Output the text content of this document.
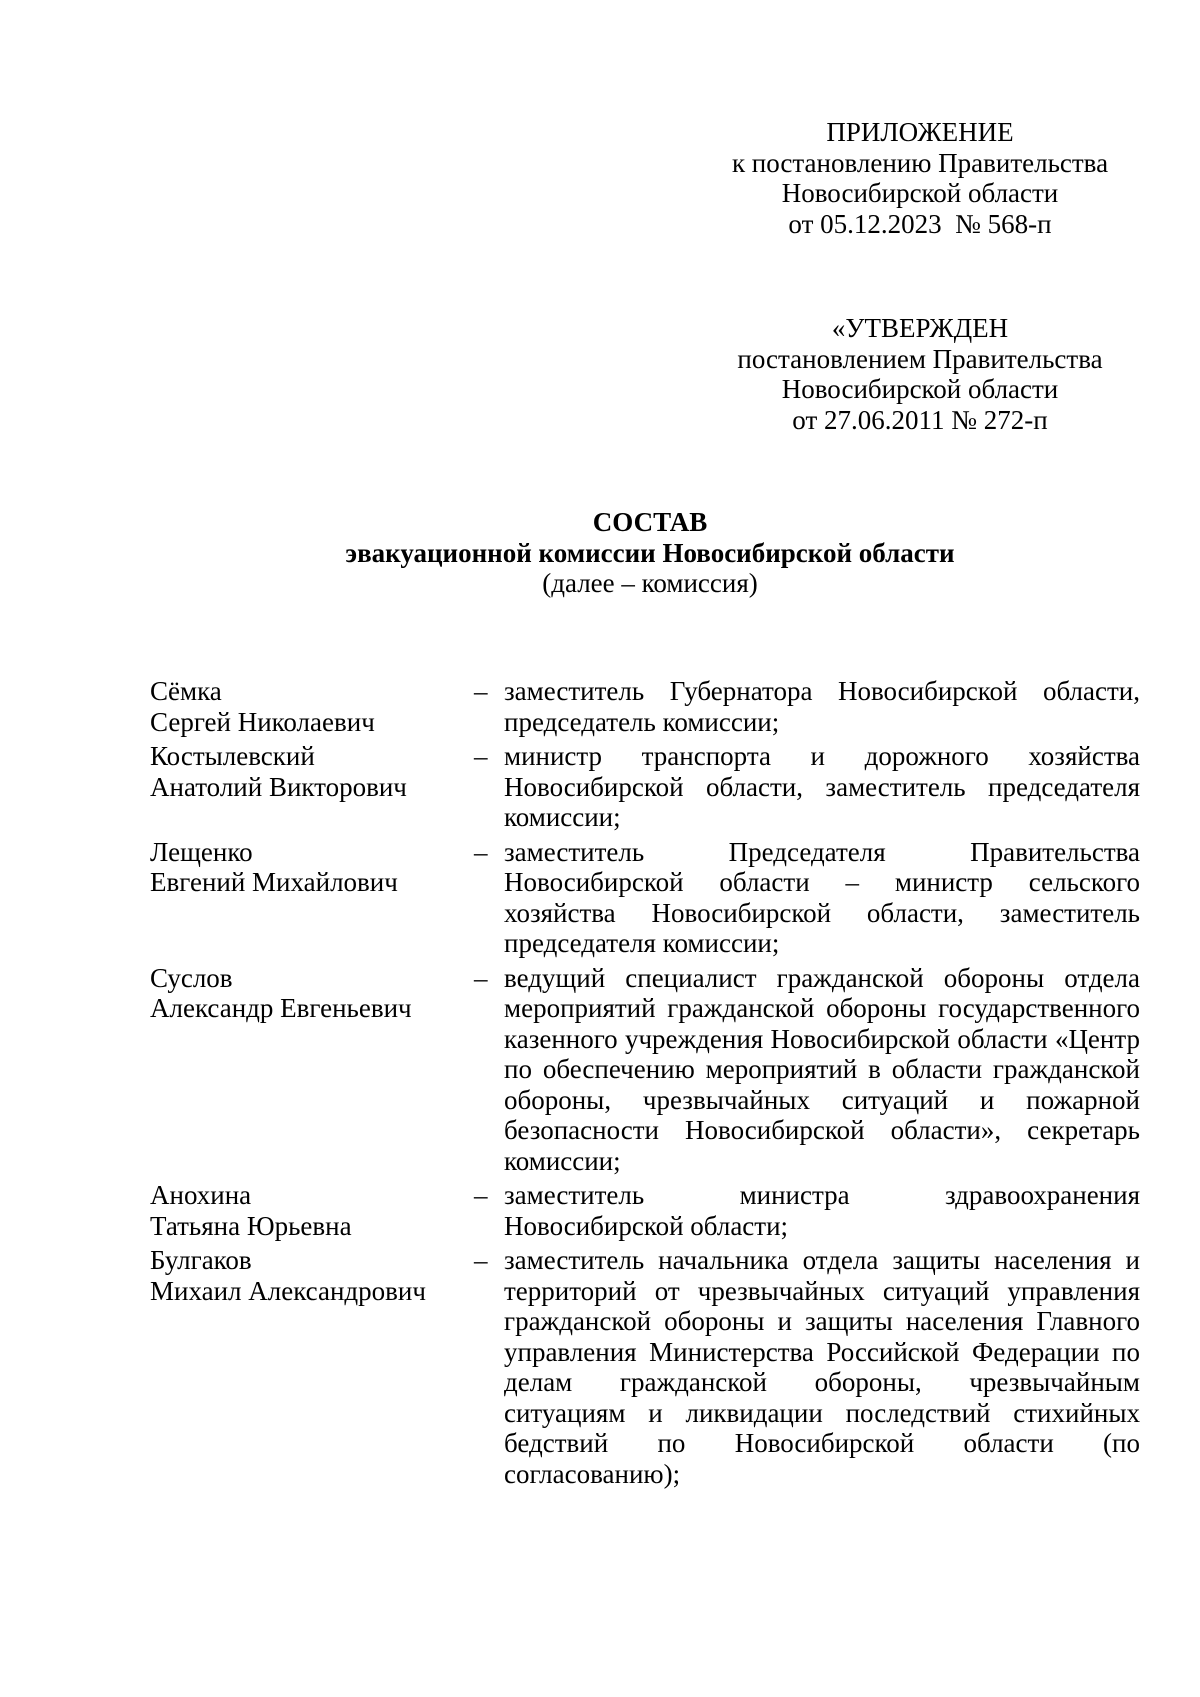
ПРИЛОЖЕНИЕ
к постановлению Правительства
Новосибирской области
от 05.12.2023  № 568-п
«УТВЕРЖДЕН
постановлением Правительства
Новосибирской области
от 27.06.2011 № 272-п
СОСТАВ
эвакуационной комиссии Новосибирской области
(далее – комиссия)
Сёмка
Сергей Николаевич
– заместитель Губернатора Новосибирской области, председатель комиссии;
Костылевский
Анатолий Викторович
– министр транспорта и дорожного хозяйства Новосибирской области, заместитель председателя комиссии;
Лещенко
Евгений Михайлович
– заместитель Председателя Правительства Новосибирской области – министр сельского хозяйства Новосибирской области, заместитель председателя комиссии;
Суслов
Александр Евгеньевич
– ведущий специалист гражданской обороны отдела мероприятий гражданской обороны государственного казенного учреждения Новосибирской области «Центр по обеспечению мероприятий в области гражданской обороны, чрезвычайных ситуаций и пожарной безопасности Новосибирской области», секретарь комиссии;
Анохина
Татьяна Юрьевна
– заместитель министра здравоохранения Новосибирской области;
Булгаков
Михаил Александрович
– заместитель начальника отдела защиты населения и территорий от чрезвычайных ситуаций управления гражданской обороны и защиты населения Главного управления Министерства Российской Федерации по делам гражданской обороны, чрезвычайным ситуациям и ликвидации последствий стихийных бедствий по Новосибирской области (по согласованию);
